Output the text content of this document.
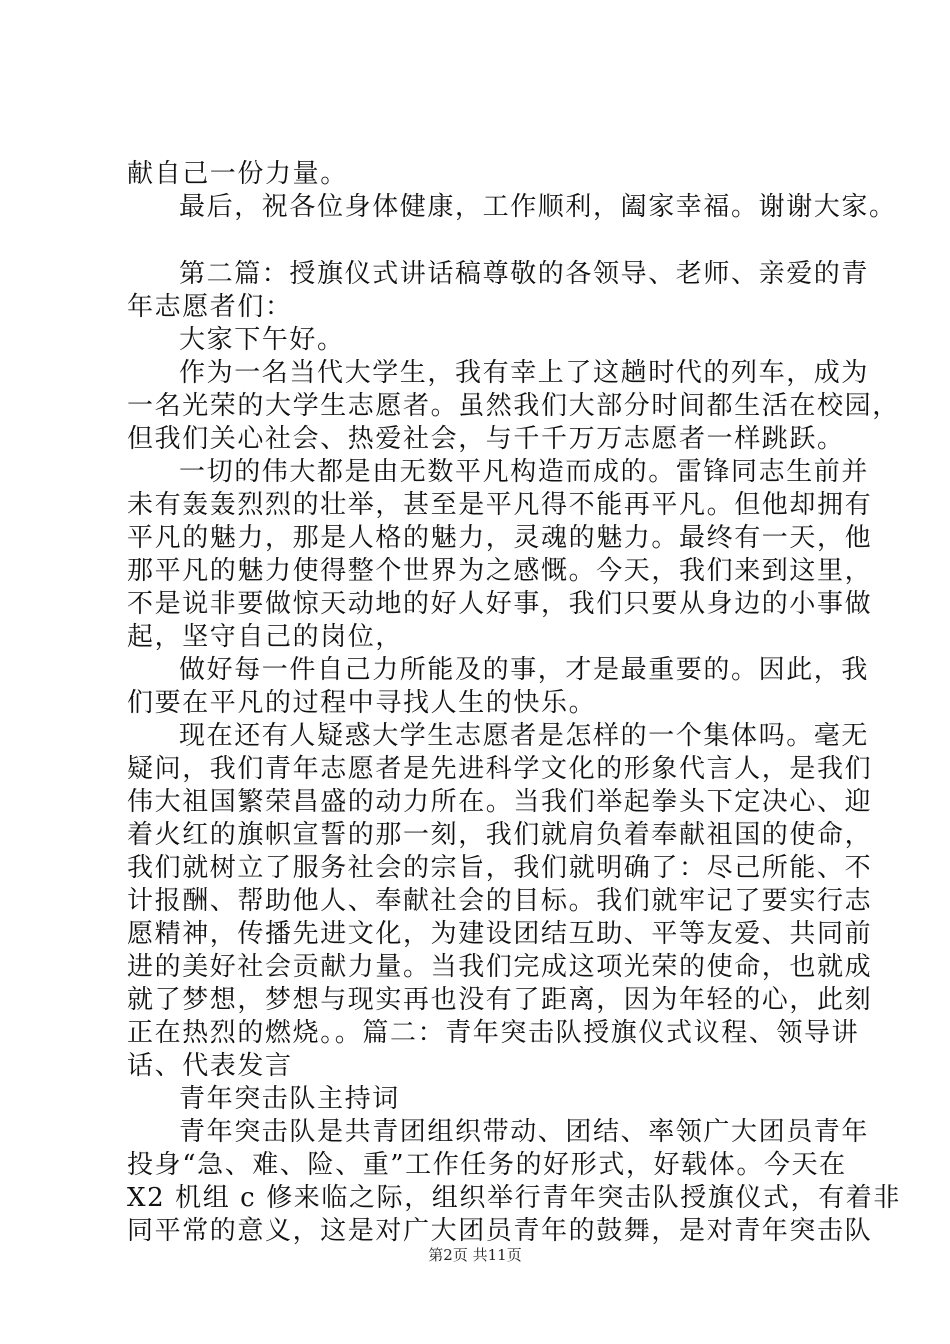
献自己一份力量。
最后，祝各位身体健康，工作顺利，阖家幸福。谢谢大家。
第二篇：授旗仪式讲话稿尊敬的各领导、老师、亲爱的青
年志愿者们：
大家下午好。
作为一名当代大学生，我有幸上了这趟时代的列车，成为
一名光荣的大学生志愿者。虽然我们大部分时间都生活在校园，
但我们关心社会、热爱社会，与千千万万志愿者一样跳跃。
一切的伟大都是由无数平凡构造而成的。雷锋同志生前并
未有轰轰烈烈的壮举，甚至是平凡得不能再平凡。但他却拥有
平凡的魅力，那是人格的魅力，灵魂的魅力。最终有一天，他
那平凡的魅力使得整个世界为之感慨。今天，我们来到这里，
不是说非要做惊天动地的好人好事，我们只要从身边的小事做
起，坚守自己的岗位，
做好每一件自己力所能及的事，才是最重要的。因此，我
们要在平凡的过程中寻找人生的快乐。
现在还有人疑惑大学生志愿者是怎样的一个集体吗。毫无
疑问，我们青年志愿者是先进科学文化的形象代言人，是我们
伟大祖国繁荣昌盛的动力所在。当我们举起拳头下定决心、迎
着火红的旗帜宣誓的那一刻，我们就肩负着奉献祖国的使命，
我们就树立了服务社会的宗旨，我们就明确了：尽己所能、不
计报酬、帮助他人、奉献社会的目标。我们就牢记了要实行志
愿精神，传播先进文化，为建设团结互助、平等友爱、共同前
进的美好社会贡献力量。当我们完成这项光荣的使命，也就成
就了梦想，梦想与现实再也没有了距离，因为年轻的心，此刻
正在热烈的燃烧。。篇二：青年突击队授旗仪式议程、领导讲
话、代表发言
青年突击队主持词
青年突击队是共青团组织带动、团结、率领广大团员青年
投身“急、难、险、重”工作任务的好形式，好载体。今天在
X2 机组 c 修来临之际，组织举行青年突击队授旗仪式，有着非
同平常的意义，这是对广大团员青年的鼓舞，是对青年突击队
第2页 共11页
